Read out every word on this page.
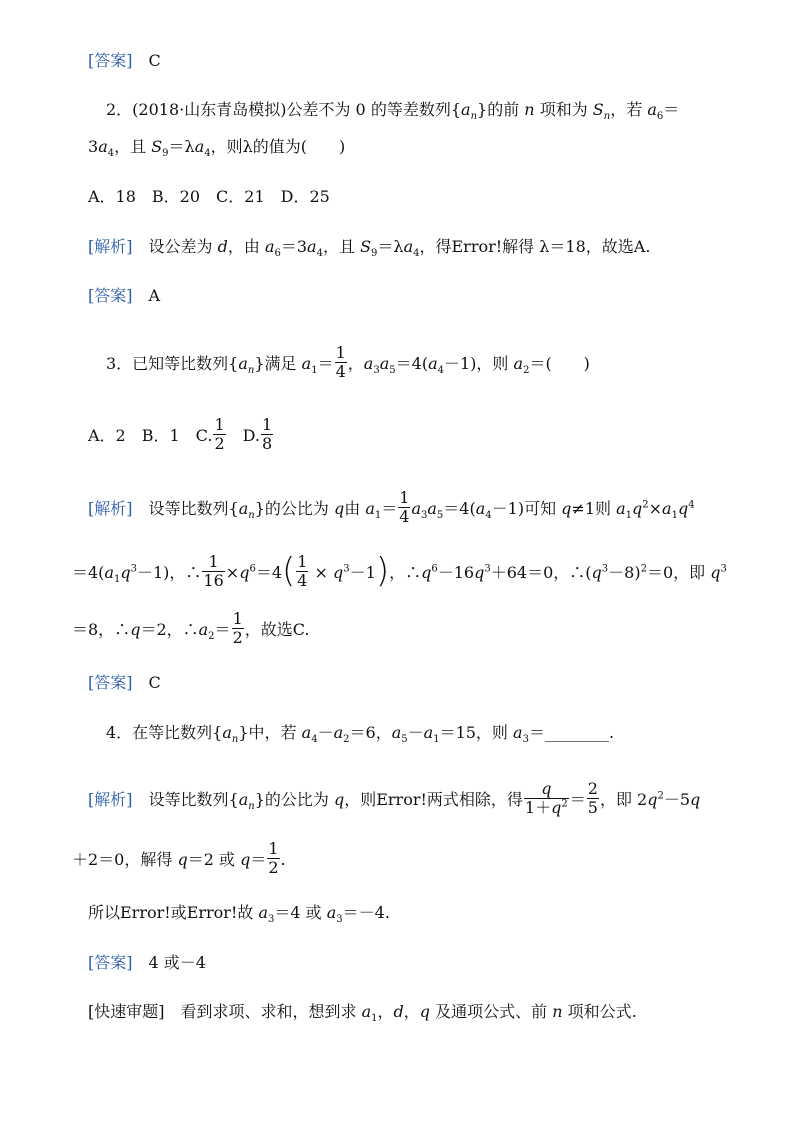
[答案]　 C
2．(2018·山东青岛模拟)公差不为 0 的等差数列$\{a_n\}$的前 n 项和为 $S_n$，若 $a_6=$
$3a_4$，且 $S_9=\lambda a_4$，则λ的值为(　　)
A．18　B．20　C．21　D．25
[解析]　设公差为 d，由 $a_6=3a_4$，且 $S_9=\lambda a_4$，得Error!解得 λ＝18，故选A.
[答案]　 A
3．已知等比数列$\{a_n\}$满足 $a_1= \frac{1}{4}$ ，$a_3a_5=4(a_4-1)$，则 $a_2=$(　　)
A．2　B．1　C. $\frac{1}{2}$ 　D. $\frac{1}{8}$
[解析]　设等比数列$\{a_n\}$的公比为 q由 $a_1= \frac{1}{4} a_3a_5=4(a_4-1)$可知 q≠1则 $a_1q^2\times a_1q^4$
$=4(a_1q^3-1)$，∴ $\frac{1}{16} \times q^6=4( \frac{1}{4} \times q^3-1)$，$\therefore q^6-16q^3+64=0$，$\therefore(q^3-8)^2=0$，即 $q^3$
＝8，∴q＝2，$\therefore a_2= \frac{1}{2}$ ，故选C.
[答案]　 C
4．在等比数列$\{a_n\}$中，若 $a_4-a_2=6$，$a_5-a_1=15$，则 $a_3=\_\_\_\_\_\_\_\_$.
[解析]　设等比数列$\{a_n\}$的公比为 q，则Error!两式相除，得 $\frac{q}{1+q^2} = \frac{2}{5}$ ，即 $2q^2-5q$
＋2＝0，解得 q＝2 或 $q= \frac{1}{2}$ .
所以Error!或Error!故 $a_3=4$ 或 $a_3=-4$.
[答案]　 4 或－4
[快速审题]　看到求项、求和，想到求 $a_1$，d，q 及通项公式、前 n 项和公式.
